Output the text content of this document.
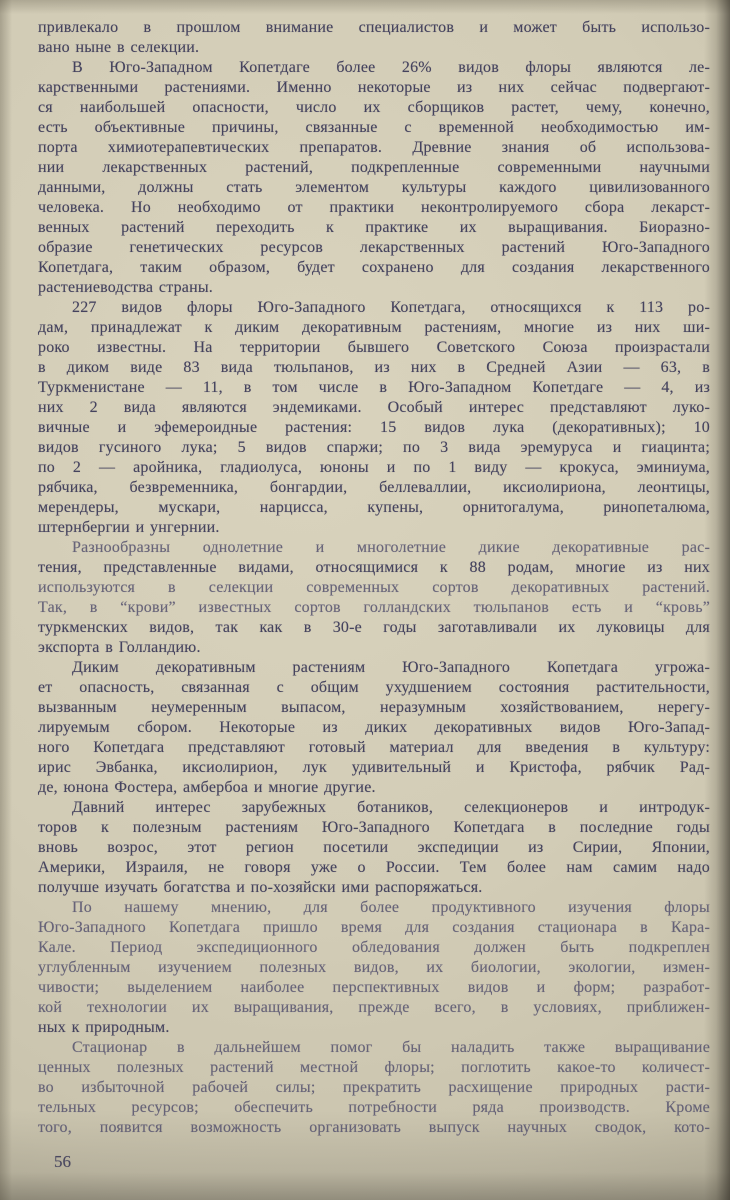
привлекало в прошлом внимание специалистов и может быть использо-
вано ныне в селекции.
В Юго-Западном Копетдаге более 26% видов флоры являются ле-
карственными растениями. Именно некоторые из них сейчас подвергают-
ся наибольшей опасности, число их сборщиков растет, чему, конечно,
есть объективные причины, связанные с временной необходимостью им-
порта химиотерапевтических препаратов. Древние знания об использова-
нии лекарственных растений, подкрепленные современными научными
данными, должны стать элементом культуры каждого цивилизованного
человека. Но необходимо от практики неконтролируемого сбора лекарст-
венных растений переходить к практике их выращивания. Биоразно-
образие генетических ресурсов лекарственных растений Юго-Западного
Копетдага, таким образом, будет сохранено для создания лекарственного
растениеводства страны.
227 видов флоры Юго-Западного Копетдага, относящихся к 113 ро-
дам, принадлежат к диким декоративным растениям, многие из них ши-
роко известны. На территории бывшего Советского Союза произрастали
в диком виде 83 вида тюльпанов, из них в Средней Азии — 63, в
Туркменистане — 11, в том числе в Юго-Западном Копетдаге — 4, из
них 2 вида являются эндемиками. Особый интерес представляют луко-
вичные и эфемероидные растения: 15 видов лука (декоративных); 10
видов гусиного лука; 5 видов спаржи; по 3 вида эремуруса и гиацинта;
по 2 — аройника, гладиолуса, юноны и по 1 виду — крокуса, эминиума,
рябчика, безвременника, бонгардии, беллеваллии, иксиолириона, леонтицы,
мерендеры, мускари, нарцисса, купены, орнитогалума, ринопеталюма,
штернбергии и унгернии.
Разнообразны однолетние и многолетние дикие декоративные рас-
тения, представленные видами, относящимися к 88 родам, многие из них
используются в селекции современных сортов декоративных растений.
Так, в “крови” известных сортов голландских тюльпанов есть и “кровь”
туркменских видов, так как в 30-е годы заготавливали их луковицы для
экспорта в Голландию.
Диким декоративным растениям Юго-Западного Копетдага угрожа-
ет опасность, связанная с общим ухудшением состояния растительности,
вызванным неумеренным выпасом, неразумным хозяйствованием, нерегу-
лируемым сбором. Некоторые из диких декоративных видов Юго-Запад-
ного Копетдага представляют готовый материал для введения в культуру:
ирис Эвбанка, иксиолирион, лук удивительный и Кристофа, рябчик Рад-
де, юнона Фостера, амбербоа и многие другие.
Давний интерес зарубежных ботаников, селекционеров и интродук-
торов к полезным растениям Юго-Западного Копетдага в последние годы
вновь возрос, этот регион посетили экспедиции из Сирии, Японии,
Америки, Израиля, не говоря уже о России. Тем более нам самим надо
получше изучать богатства и по-хозяйски ими распоряжаться.
По нашему мнению, для более продуктивного изучения флоры
Юго-Западного Копетдага пришло время для создания стационара в Кара-
Кале. Период экспедиционного обледования должен быть подкреплен
углубленным изучением полезных видов, их биологии, экологии, измен-
чивости; выделением наиболее перспективных видов и форм; разработ-
кой технологии их выращивания, прежде всего, в условиях, приближен-
ных к природным.
Стационар в дальнейшем помог бы наладить также выращивание
ценных полезных растений местной флоры; поглотить какое-то количест-
во избыточной рабочей силы; прекратить расхищение природных расти-
тельных ресурсов; обеспечить потребности ряда производств. Кроме
того, появится возможность организовать выпуск научных сводок, кото-
56
